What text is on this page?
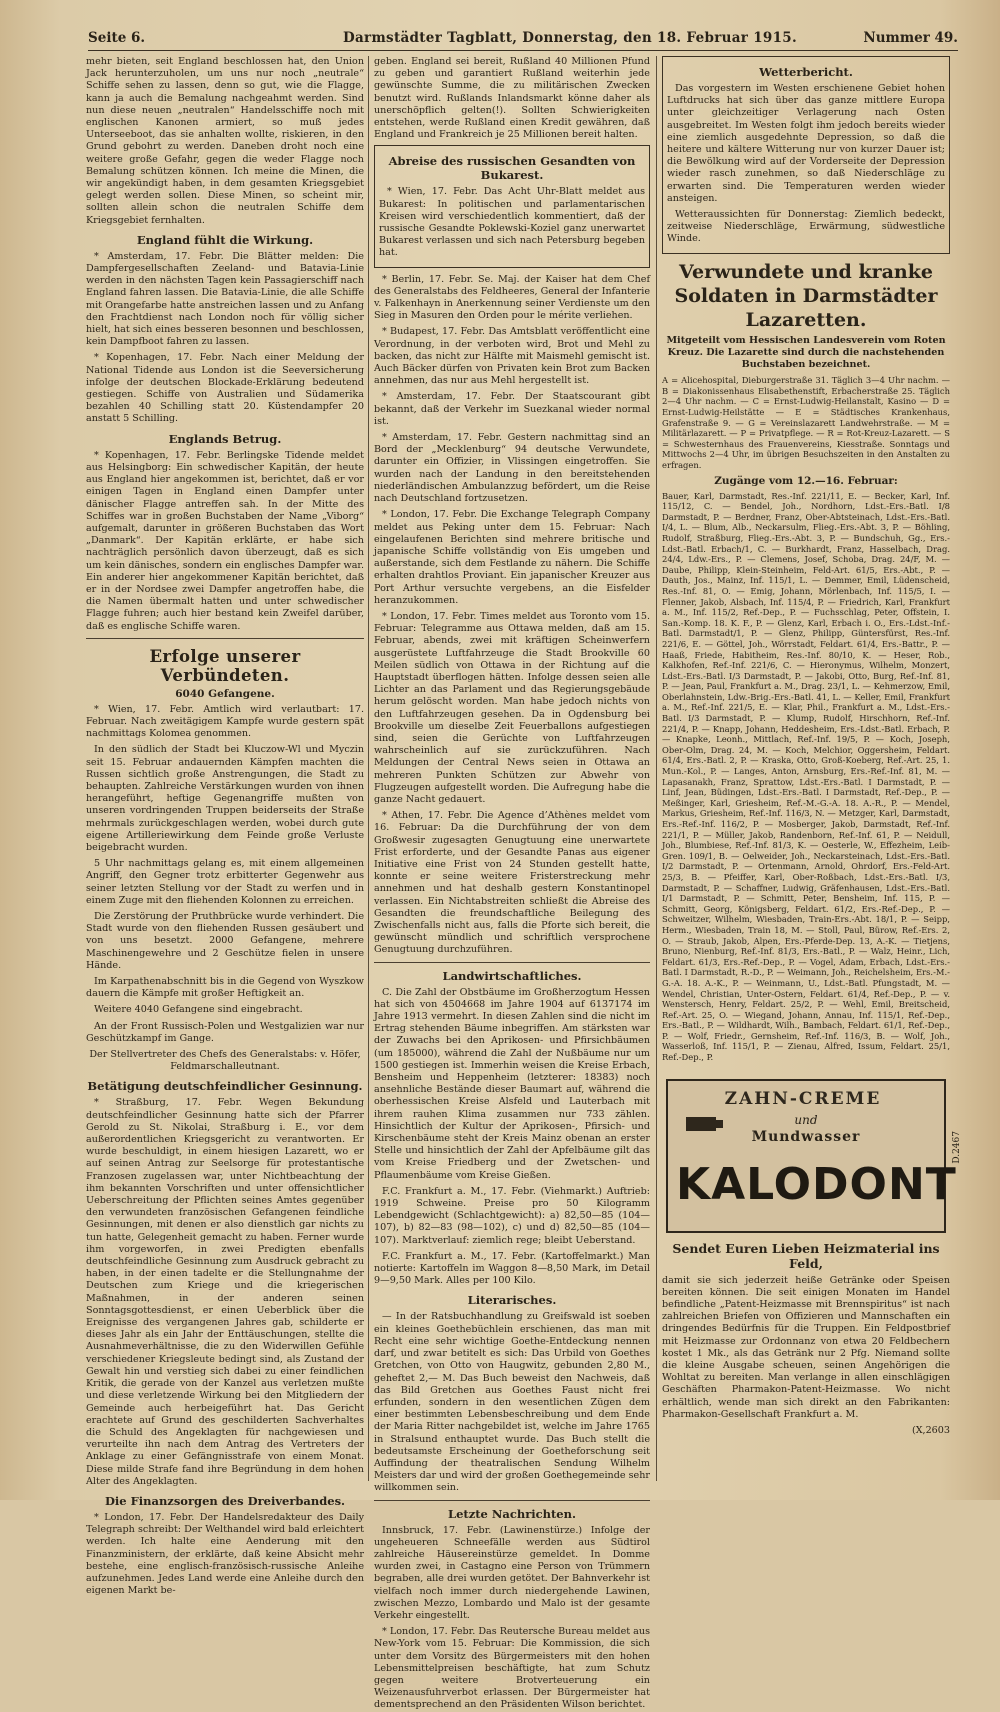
Seite 6.	Darmstädter Tagblatt, Donnerstag, den 18. Februar 1915.	Nummer 49.

mehr bieten, seit England beschlossen hat, den Union Jack herunterzuholen, um uns nur noch „neutrale“ Schiffe sehen zu lassen, denn so gut, wie die Flagge, kann ja auch die Bemalung nachgeahmt werden. Sind nun diese neuen „neutralen“ Handelsschiffe noch mit englischen Kanonen armiert, so muß jedes Unterseeboot, das sie anhalten wollte, riskieren, in den Grund gebohrt zu werden. Daneben droht noch eine weitere große Gefahr, gegen die weder Flagge noch Bemalung schützen können. Ich meine die Minen, die wir angekündigt haben, in dem gesamten Kriegsgebiet gelegt werden sollen. Diese Minen, so scheint mir, sollten allein schon die neutralen Schiffe dem Kriegsgebiet fernhalten.

England fühlt die Wirkung.

* Amsterdam, 17. Febr. Die Blätter melden: Die Dampfergesellschaften Zeeland- und Batavia-Linie werden in den nächsten Tagen kein Passagierschiff nach England fahren lassen. Die Batavia-Linie, die alle Schiffe mit Orangefarbe hatte anstreichen lassen und zu Anfang den Frachtdienst nach London noch für völlig sicher hielt, hat sich eines besseren besonnen und beschlossen, kein Dampfboot fahren zu lassen.

* Kopenhagen, 17. Febr. Nach einer Meldung der National Tidende aus London ist die Seeversicherung infolge der deutschen Blockade-Erklärung bedeutend gestiegen. Schiffe von Australien und Südamerika bezahlen 40 Schilling statt 20. Küstendampfer 20 anstatt 5 Schilling.

Englands Betrug.

* Kopenhagen, 17. Febr. Berlingske Tidende meldet aus Helsingborg: Ein schwedischer Kapitän, der heute aus England hier angekommen ist, berichtet, daß er vor einigen Tagen in England einen Dampfer unter dänischer Flagge antreffen sah. In der Mitte des Schiffes war in großen Buchstaben der Name „Viborg“ aufgemalt, darunter in größeren Buchstaben das Wort „Danmark“. Der Kapitän erklärte, er habe sich nachträglich persönlich davon überzeugt, daß es sich um kein dänisches, sondern ein englisches Dampfer war. Ein anderer hier angekommener Kapitän berichtet, daß er in der Nordsee zwei Dampfer angetroffen habe, die die Namen übermalt hatten und unter schwedischer Flagge fuhren; auch hier bestand kein Zweifel darüber, daß es englische Schiffe waren.

Erfolge unserer Verbündeten.
6040 Gefangene.

* Wien, 17. Febr. Amtlich wird verlautbart: 17. Februar. Nach zweitägigem Kampfe wurde gestern spät nachmittags Kolomea genommen.

In den südlich der Stadt bei Kluczow-Wl und Myczin seit 15. Februar andauernden Kämpfen machten die Russen sichtlich große Anstrengungen, die Stadt zu behaupten. Zahlreiche Verstärkungen wurden von ihnen herangeführt, heftige Gegenangriffe mußten von unseren vordringenden Truppen beiderseits der Straße mehrmals zurückgeschlagen werden, wobei durch gute eigene Artilleriewirkung dem Feinde große Verluste beigebracht wurden.

5 Uhr nachmittags gelang es, mit einem allgemeinen Angriff, den Gegner trotz erbitterter Gegenwehr aus seiner letzten Stellung vor der Stadt zu werfen und in einem Zuge mit den fliehenden Kolonnen zu erreichen.

Die Zerstörung der Pruthbrücke wurde verhindert. Die Stadt wurde von den fliehenden Russen gesäubert und von uns besetzt. 2000 Gefangene, mehrere Maschinengewehre und 2 Geschütze fielen in unsere Hände.

Im Karpathenabschnitt bis in die Gegend von Wyszkow dauern die Kämpfe mit großer Heftigkeit an.

Weitere 4040 Gefangene sind eingebracht.

An der Front Russisch-Polen und Westgalizien war nur Geschützkampf im Gange.

Der Stellvertreter des Chefs des Generalstabs: v. Höfer, Feldmarschalleutnant.

Betätigung deutschfeindlicher Gesinnung.

* Straßburg, 17. Febr. Wegen Bekundung deutschfeindlicher Gesinnung hatte sich der Pfarrer Gerold zu St. Nikolai, Straßburg i. E., vor dem außerordentlichen Kriegsgericht zu verantworten. Er wurde beschuldigt, in einem hiesigen Lazarett, wo er auf seinen Antrag zur Seelsorge für protestantische Franzosen zugelassen war, unter Nichtbeachtung der ihm bekannten Vorschriften und unter offensichtlicher Ueberschreitung der Pflichten seines Amtes gegenüber den verwundeten französischen Gefangenen feindliche Gesinnungen, mit denen er also dienstlich gar nichts zu tun hatte, Gelegenheit gemacht zu haben. Ferner wurde ihm vorgeworfen, in zwei Predigten ebenfalls deutschfeindliche Gesinnung zum Ausdruck gebracht zu haben, in der einen tadelte er die Stellungnahme der Deutschen zum Kriege und die kriegerischen Maßnahmen, in der anderen seinen Sonntagsgottesdienst, er einen Ueberblick über die Ereignisse des vergangenen Jahres gab, schilderte er dieses Jahr als ein Jahr der Enttäuschungen, stellte die Ausnahmeverhältnisse, die zu den Widerwillen Gefühle verschiedener Kriegsleute bedingt sind, als Zustand der Gewalt hin und verstieg sich dabei zu einer feindlichen Kritik, die gerade von der Kanzel aus verletzen mußte und diese verletzende Wirkung bei den Mitgliedern der Gemeinde auch herbeigeführt hat. Das Gericht erachtete auf Grund des geschilderten Sachverhaltes die Schuld des Angeklagten für nachgewiesen und verurteilte ihn nach dem Antrag des Vertreters der Anklage zu einer Gefängnisstrafe von einem Monat. Diese milde Strafe fand ihre Begründung in dem hohen Alter des Angeklagten.

Die Finanzsorgen des Dreiverbandes.

* London, 17. Febr. Der Handelsredakteur des Daily Telegraph schreibt: Der Welthandel wird bald erleichtert werden. Ich halte eine Aenderung mit den Finanzministern, der erklärte, daß keine Absicht mehr bestehe, eine englisch-französisch-russische Anleihe aufzunehmen. Jedes Land werde eine Anleihe durch den eigenen Markt be-

geben. England sei bereit, Rußland 40 Millionen Pfund zu geben und garantiert Rußland weiterhin jede gewünschte Summe, die zu militärischen Zwecken benutzt wird. Rußlands Inlandsmarkt könne daher als unerschöpflich gelten(!). Sollten Schwierigkeiten entstehen, werde Rußland einen Kredit gewähren, daß England und Frankreich je 25 Millionen bereit halten.

Abreise des russischen Gesandten von Bukarest.

* Wien, 17. Febr. Das Acht Uhr-Blatt meldet aus Bukarest: In politischen und parlamentarischen Kreisen wird verschiedentlich kommentiert, daß der russische Gesandte Poklewski-Koziel ganz unerwartet Bukarest verlassen und sich nach Petersburg begeben hat.

* Berlin, 17. Febr. Se. Maj. der Kaiser hat dem Chef des Generalstabs des Feldheeres, General der Infanterie v. Falkenhayn in Anerkennung seiner Verdienste um den Sieg in Masuren den Orden pour le mérite verliehen.

* Budapest, 17. Febr. Das Amtsblatt veröffentlicht eine Verordnung, in der verboten wird, Brot und Mehl zu backen, das nicht zur Hälfte mit Maismehl gemischt ist. Auch Bäcker dürfen von Privaten kein Brot zum Backen annehmen, das nur aus Mehl hergestellt ist.

* Amsterdam, 17. Febr. Der Staatscourant gibt bekannt, daß der Verkehr im Suezkanal wieder normal ist.

* Amsterdam, 17. Febr. Gestern nachmittag sind an Bord der „Mecklenburg“ 94 deutsche Verwundete, darunter ein Offizier, in Vlissingen eingetroffen. Sie wurden nach der Landung in den bereitstehenden niederländischen Ambulanzzug befördert, um die Reise nach Deutschland fortzusetzen.

* London, 17. Febr. Die Exchange Telegraph Company meldet aus Peking unter dem 15. Februar: Nach eingelaufenen Berichten sind mehrere britische und japanische Schiffe vollständig von Eis umgeben und außerstande, sich dem Festlande zu nähern. Die Schiffe erhalten drahtlos Proviant. Ein japanischer Kreuzer aus Port Arthur versuchte vergebens, an die Eisfelder heranzukommen.

* London, 17. Febr. Times meldet aus Toronto vom 15. Februar: Telegramme aus Ottawa melden, daß am 15. Februar, abends, zwei mit kräftigen Scheinwerfern ausgerüstete Luftfahrzeuge die Stadt Brookville 60 Meilen südlich von Ottawa in der Richtung auf die Hauptstadt überflogen hätten. Infolge dessen seien alle Lichter an das Parlament und das Regierungsgebäude herum gelöscht worden. Man habe jedoch nichts von den Luftfahrzeugen gesehen. Da in Ogdensburg bei Brookville um dieselbe Zeit Feuerballons aufgestiegen sind, seien die Gerüchte von Luftfahrzeugen wahrscheinlich auf sie zurückzuführen. Nach Meldungen der Central News seien in Ottawa an mehreren Punkten Schützen zur Abwehr von Flugzeugen aufgestellt worden. Die Aufregung habe die ganze Nacht gedauert.

* Athen, 17. Febr. Die Agence d’Athènes meldet vom 16. Februar: Da die Durchführung der von dem Großwesir zugesagten Genugtuung eine unerwartete Frist erforderte, und der Gesandte Panas aus eigener Initiative eine Frist von 24 Stunden gestellt hatte, konnte er seine weitere Fristerstreckung mehr annehmen und hat deshalb gestern Konstantinopel verlassen. Ein Nichtabstreiten schließt die Abreise des Gesandten die freundschaftliche Beilegung des Zwischenfalls nicht aus, falls die Pforte sich bereit, die gewünscht mündlich und schriftlich versprochene Genugtuung durchzuführen.

Landwirtschaftliches.

C. Die Zahl der Obstbäume im Großherzogtum Hessen hat sich von 4504668 im Jahre 1904 auf 6137174 im Jahre 1913 vermehrt. In diesen Zahlen sind die nicht im Ertrag stehenden Bäume inbegriffen. Am stärksten war der Zuwachs bei den Aprikosen- und Pfirsichbäumen (um 185000), während die Zahl der Nußbäume nur um 1500 gestiegen ist. Immerhin weisen die Kreise Erbach, Bensheim und Heppenheim (letzterer: 18383) noch ansehnliche Bestände dieser Baumart auf, während die oberhessischen Kreise Alsfeld und Lauterbach mit ihrem rauhen Klima zusammen nur 733 zählen. Hinsichtlich der Kultur der Aprikosen-, Pfirsich- und Kirschenbäume steht der Kreis Mainz obenan an erster Stelle und hinsichtlich der Zahl der Apfelbäume gilt das vom Kreise Friedberg und der Zwetschen- und Pflaumenbäume vom Kreise Gießen.

F.C. Frankfurt a. M., 17. Febr. (Viehmarkt.) Auftrieb: 1919 Schweine. Preise pro 50 Kilogramm Lebendgewicht (Schlachtgewicht): a) 82,50—85 (104—107), b) 82—83 (98—102), c) und d) 82,50—85 (104—107). Marktverlauf: ziemlich rege; bleibt Ueberstand.

F.C. Frankfurt a. M., 17. Febr. (Kartoffelmarkt.) Man notierte: Kartoffeln im Waggon 8—8,50 Mark, im Detail 9—9,50 Mark. Alles per 100 Kilo.

Literarisches.

— In der Ratsbuchhandlung zu Greifswald ist soeben ein kleines Goethebüchlein erschienen, das man mit Recht eine sehr wichtige Goethe-Entdeckung nennen darf, und zwar betitelt es sich: Das Urbild von Goethes Gretchen, von Otto von Haugwitz, gebunden 2,80 M., geheftet 2,— M. Das Buch beweist den Nachweis, daß das Bild Gretchen aus Goethes Faust nicht frei erfunden, sondern in den wesentlichen Zügen dem einer bestimmten Lebensbeschreibung und dem Ende der Maria Ritter nachgebildet ist, welche im Jahre 1765 in Stralsund enthauptet wurde. Das Buch stellt die bedeutsamste Erscheinung der Goetheforschung seit Auffindung der theatralischen Sendung Wilhelm Meisters dar und wird der großen Goethegemeinde sehr willkommen sein.

Letzte Nachrichten.

Innsbruck, 17. Febr. (Lawinenstürze.) Infolge der ungeheueren Schneefälle werden aus Südtirol zahlreiche Häusereinstürze gemeldet. In Domme wurden zwei, in Castagno eine Person von Trümmern begraben, alle drei wurden getötet. Der Bahnverkehr ist vielfach noch immer durch niedergehende Lawinen, zwischen Mezzo, Lombardo und Malo ist der gesamte Verkehr eingestellt.

* London, 17. Febr. Das Reutersche Bureau meldet aus New-York vom 15. Februar: Die Kommission, die sich unter dem Vorsitz des Bürgermeisters mit den hohen Lebensmittelpreisen beschäftigte, hat zum Schutz gegen weitere Brotverteuerung ein Weizenausfuhrverbot erlassen. Der Bürgermeister hat dementsprechend an den Präsidenten Wilson berichtet.

Wetterbericht.

Das vorgestern im Westen erschienene Gebiet hohen Luftdrucks hat sich über das ganze mittlere Europa unter gleichzeitiger Verlagerung nach Osten ausgebreitet. Im Westen folgt ihm jedoch bereits wieder eine ziemlich ausgedehnte Depression, so daß die heitere und kältere Witterung nur von kurzer Dauer ist; die Bewölkung wird auf der Vorderseite der Depression wieder rasch zunehmen, so daß Niederschläge zu erwarten sind. Die Temperaturen werden wieder ansteigen.

Wetteraussichten für Donnerstag: Ziemlich bedeckt, zeitweise Niederschläge, Erwärmung, südwestliche Winde.

Verwundete und kranke Soldaten in Darmstädter Lazaretten.

Mitgeteilt vom Hessischen Landesverein vom Roten Kreuz. Die Lazarette sind durch die nachstehenden Buchstaben bezeichnet.

A = Alicehospital, Dieburgerstraße 31. Täglich 3—4 Uhr nachm. — B = Diakonissenhaus Elisabethenstift, Erbacherstraße 25. Täglich 2—4 Uhr nachm. — C = Ernst-Ludwig-Heilanstalt, Kasino — D = Ernst-Ludwig-Heilstätte — E = Städtisches Krankenhaus, Grafenstraße 9. — G = Vereinslazarett Landwehrstraße. — M = Militärlazarett. — P = Privatpflege. — R = Rot-Kreuz-Lazarett. — S = Schwesternhaus des Frauenvereins, Kiesstraße. Sonntags und Mittwochs 2—4 Uhr, im übrigen Besuchszeiten in den Anstalten zu erfragen.

Zugänge vom 12.—16. Februar:

Bauer, Karl, Darmstadt, Res.-Inf. 221/11, E. — Becker, Karl, Inf. 115/12, C. — Bendel, Joh., Nordhorn, Ldst.-Ers.-Batl. I/8 Darmstadt, P. — Berdner, Franz, Ober-Abtsteinach, Ldst.-Ers.-Batl. I/4, L. — Blum, Alb., Neckarsulm, Flieg.-Ers.-Abt. 3, P. — Böhling, Rudolf, Straßburg, Flieg.-Ers.-Abt. 3, P. — Bundschuh, Gg., Ers.-Ldst.-Batl. Erbach/1, C. — Burkhardt, Franz, Hasselbach, Drag. 24/4, Ldw.-Ers., P. — Clemens, Josef, Schoba, Drag. 24/F, M. — Daube, Philipp, Klein-Steinheim, Feld-Art. 61/5, Ers.-Abt., P. — Dauth, Jos., Mainz, Inf. 115/1, L. — Demmer, Emil, Lüdenscheid, Res.-Inf. 81, O. — Emig, Johann, Mörlenbach, Inf. 115/5, I. — Flenner, Jakob, Alsbach, Inf. 115/4, P. — Friedrich, Karl, Frankfurt a. M., Inf. 115/2, Ref.-Dep., P. — Fuchsschlag, Peter, Offstein, I. San.-Komp. 18. K. F., P. — Glenz, Karl, Erbach i. O., Ers.-Ldst.-Inf.-Batl. Darmstadt/1, P. — Glenz, Philipp, Güntersfürst, Res.-Inf. 221/6, E. — Göttel, Joh., Wörrstadt, Feldart. 61/4, Ers.-Battr., P. — Haaß, Friede, Habitheim, Res.-Inf. 80/10, K. — Heser, Rob., Kalkhofen, Ref.-Inf. 221/6, C. — Hieronymus, Wilhelm, Monzert, Ldst.-Ers.-Batl. I/3 Darmstadt, P. — Jakobi, Otto, Burg, Ref.-Inf. 81, P. — Jean, Paul, Frankfurt a. M., Drag. 23/1, L. — Kehmerzow, Emil, Oberlahnstein, Ldw.-Brig.-Ers.-Batl. 41, L. — Keller, Emil, Frankfurt a. M., Ref.-Inf. 221/5, E. — Klar, Phil., Frankfurt a. M., Ldst.-Ers.-Batl. I/3 Darmstadt, P. — Klump, Rudolf, Hirschhorn, Ref.-Inf. 221/4, P. — Knapp, Johann, Heddesheim, Ers.-Ldst.-Batl. Erbach, P. — Knapke, Leonh., Mittlach, Ref.-Inf. 19/5, P. — Koch, Joseph, Ober-Olm, Drag. 24, M. — Koch, Melchior, Oggersheim, Feldart. 61/4, Ers.-Batl. 2, P. — Kraska, Otto, Groß-Koeberg, Ref.-Art. 25, 1. Mun.-Kol., P. — Langes, Anton, Arnsburg, Ers.-Ref.-Inf. 81, M. — Lapasanakh, Franz, Sprattow, Ldst.-Ers.-Batl. I Darmstadt, P. — Linf, Jean, Büdingen, Ldst.-Ers.-Batl. I Darmstadt, Ref.-Dep., P. — Meßinger, Karl, Griesheim, Ref.-M.-G.-A. 18. A.-R., P. — Mendel, Markus, Griesheim, Ref.-Inf. 116/3, N. — Metzger, Karl, Darmstadt, Ers.-Ref.-Inf. 116/2, P. — Mosberger, Jakob, Darmstadt, Ref.-Inf. 221/1, P. — Müller, Jakob, Randenborn, Ref.-Inf. 61, P. — Neidull, Joh., Blumbiese, Ref.-Inf. 81/3, K. — Oesterle, W., Effezheim, Leib-Gren. 109/1, B. — Oelweider, Joh., Neckarsteinach, Ldst.-Ers.-Batl. I/2 Darmstadt, P. — Ortenmann, Arnold, Ohrdorf, Ers.-Feld-Art. 25/3, B. — Pfeiffer, Karl, Ober-Roßbach, Ldst.-Ers.-Batl. I/3, Darmstadt, P. — Schaffner, Ludwig, Gräfenhausen, Ldst.-Ers.-Batl. I/1 Darmstadt, P. — Schmitt, Peter, Bensheim, Inf. 115, P. — Schmitt, Georg, Königsberg, Feldart. 61/2, Ers.-Ref.-Dep., P. — Schweitzer, Wilhelm, Wiesbaden, Train-Ers.-Abt. 18/1, P. — Seipp, Herm., Wiesbaden, Train 18, M. — Stoll, Paul, Bürow, Ref.-Ers. 2, O. — Straub, Jakob, Alpen, Ers.-Pferde-Dep. 13, A.-K. — Tietjens, Bruno, Nienburg, Ref.-Inf. 81/3, Ers.-Batl., P. — Walz, Heinr., Lich, Feldart. 61/3, Ers.-Ref.-Dep., P. — Vogel, Adam, Erbach, Ldst.-Ers.-Batl. I Darmstadt, R.-D., P. — Weimann, Joh., Reichelsheim, Ers.-M.-G.-A. 18. A.-K., P. — Weinmann, U., Ldst.-Batl. Pfungstadt, M. — Wendel, Christian, Unter-Ostern, Feldart. 61/4, Ref.-Dep., P. — v. Wenstersch, Henry, Feldart. 25/2, P. — Wehl, Emil, Breitscheid, Ref.-Art. 25, O. — Wiegand, Johann, Annau, Inf. 115/1, Ref.-Dep., Ers.-Batl., P. — Wildhardt, Wilh., Bambach, Feldart. 61/1, Ref.-Dep., P. — Wolf, Friedr., Gernsheim, Ref.-Inf. 116/3, B. — Wolf, Joh., Wasserloß, Inf. 115/1, P. — Zienau, Alfred, Issum, Feldart. 25/1, Ref.-Dep., P.

ZAHN-CREME
und
Mundwasser
KALODONT
D.2467
Sendet Euren Lieben Heizmaterial ins Feld,

damit sie sich jederzeit heiße Getränke oder Speisen bereiten können. Die seit einigen Monaten im Handel befindliche „Patent-Heizmasse mit Brennspiritus“ ist nach zahlreichen Briefen von Offizieren und Mannschaften ein dringendes Bedürfnis für die Truppen. Ein Feldpostbrief mit Heizmasse zur Ordonnanz von etwa 20 Feldbechern kostet 1 Mk., als das Getränk nur 2 Pfg. Niemand sollte die kleine Ausgabe scheuen, seinen Angehörigen die Wohltat zu bereiten. Man verlange in allen einschlägigen Geschäften Pharmakon-Patent-Heizmasse. Wo nicht erhältlich, wende man sich direkt an den Fabrikanten: Pharmakon-Gesellschaft Frankfurt a. M.

(X,2603
